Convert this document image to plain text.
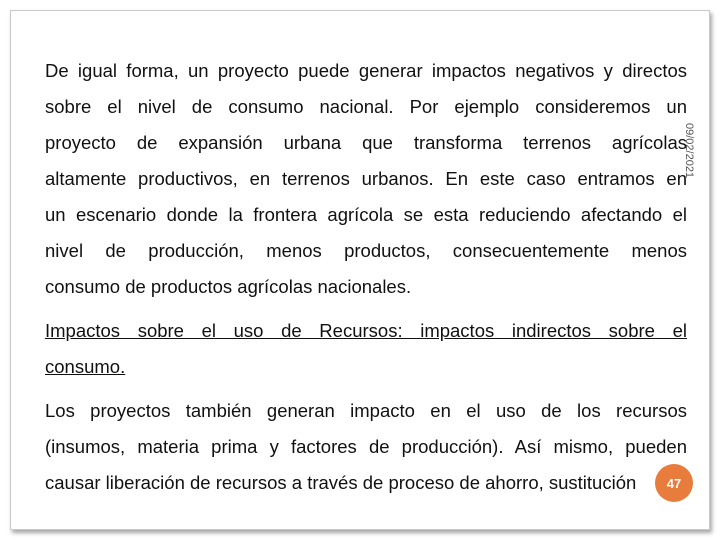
09/02/2021
De igual forma, un proyecto puede generar impactos negativos y directos
sobre el nivel de consumo nacional. Por ejemplo consideremos un
proyecto de expansión urbana que transforma terrenos agrícolas
altamente productivos, en terrenos urbanos. En este caso entramos en
un escenario donde la frontera agrícola se esta reduciendo afectando el
nivel de producción, menos productos, consecuentemente menos
consumo de productos agrícolas nacionales.
Impactos sobre el uso de Recursos: impactos indirectos sobre el
consumo.
Los proyectos también generan impacto en el uso de los recursos
(insumos, materia prima y factores de producción). Así mismo, pueden
causar liberación de recursos a través de proceso de ahorro, sustitución	47
